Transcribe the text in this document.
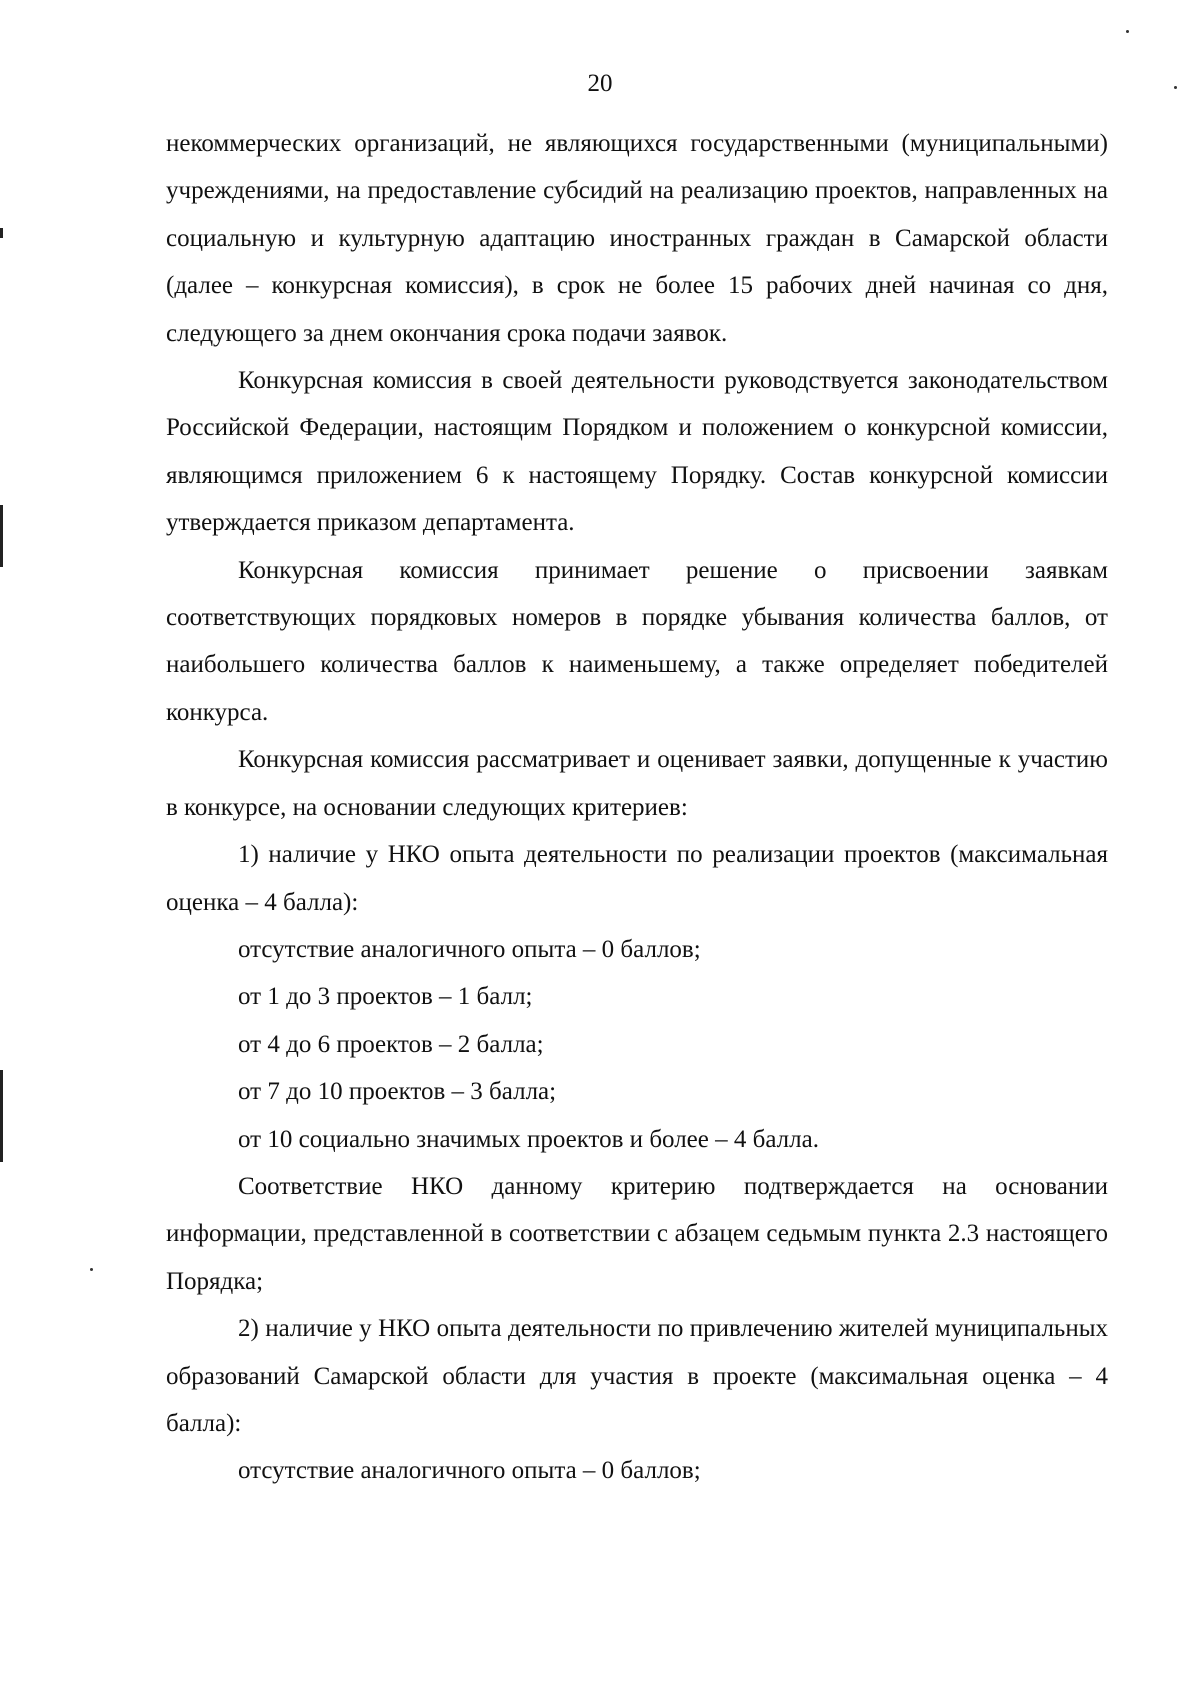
20

некоммерческих организаций, не являющихся государственными (муниципальными) учреждениями, на предоставление субсидий на реализацию проектов, направленных на социальную и культурную адаптацию иностранных граждан в Самарской области (далее – конкурсная комиссия), в срок не более 15 рабочих дней начиная со дня, следующего за днем окончания срока подачи заявок.

Конкурсная комиссия в своей деятельности руководствуется законодательством Российской Федерации, настоящим Порядком и положением о конкурсной комиссии, являющимся приложением 6 к настоящему Порядку. Состав конкурсной комиссии утверждается приказом департамента.

Конкурсная комиссия принимает решение о присвоении заявкам соответствующих порядковых номеров в порядке убывания количества баллов, от наибольшего количества баллов к наименьшему, а также определяет победителей конкурса.

Конкурсная комиссия рассматривает и оценивает заявки, допущенные к участию в конкурсе, на основании следующих критериев:

1) наличие у НКО опыта деятельности по реализации проектов (максимальная оценка – 4 балла):

отсутствие аналогичного опыта – 0 баллов;

от 1 до 3 проектов – 1 балл;

от 4 до 6 проектов – 2 балла;

от 7 до 10 проектов – 3 балла;

от 10 социально значимых проектов и более – 4 балла.

Соответствие НКО данному критерию подтверждается на основании информации, представленной в соответствии с абзацем седьмым пункта 2.3 настоящего Порядка;

2) наличие у НКО опыта деятельности по привлечению жителей муниципальных образований Самарской области для участия в проекте (максимальная оценка – 4 балла):

отсутствие аналогичного опыта – 0 баллов;
